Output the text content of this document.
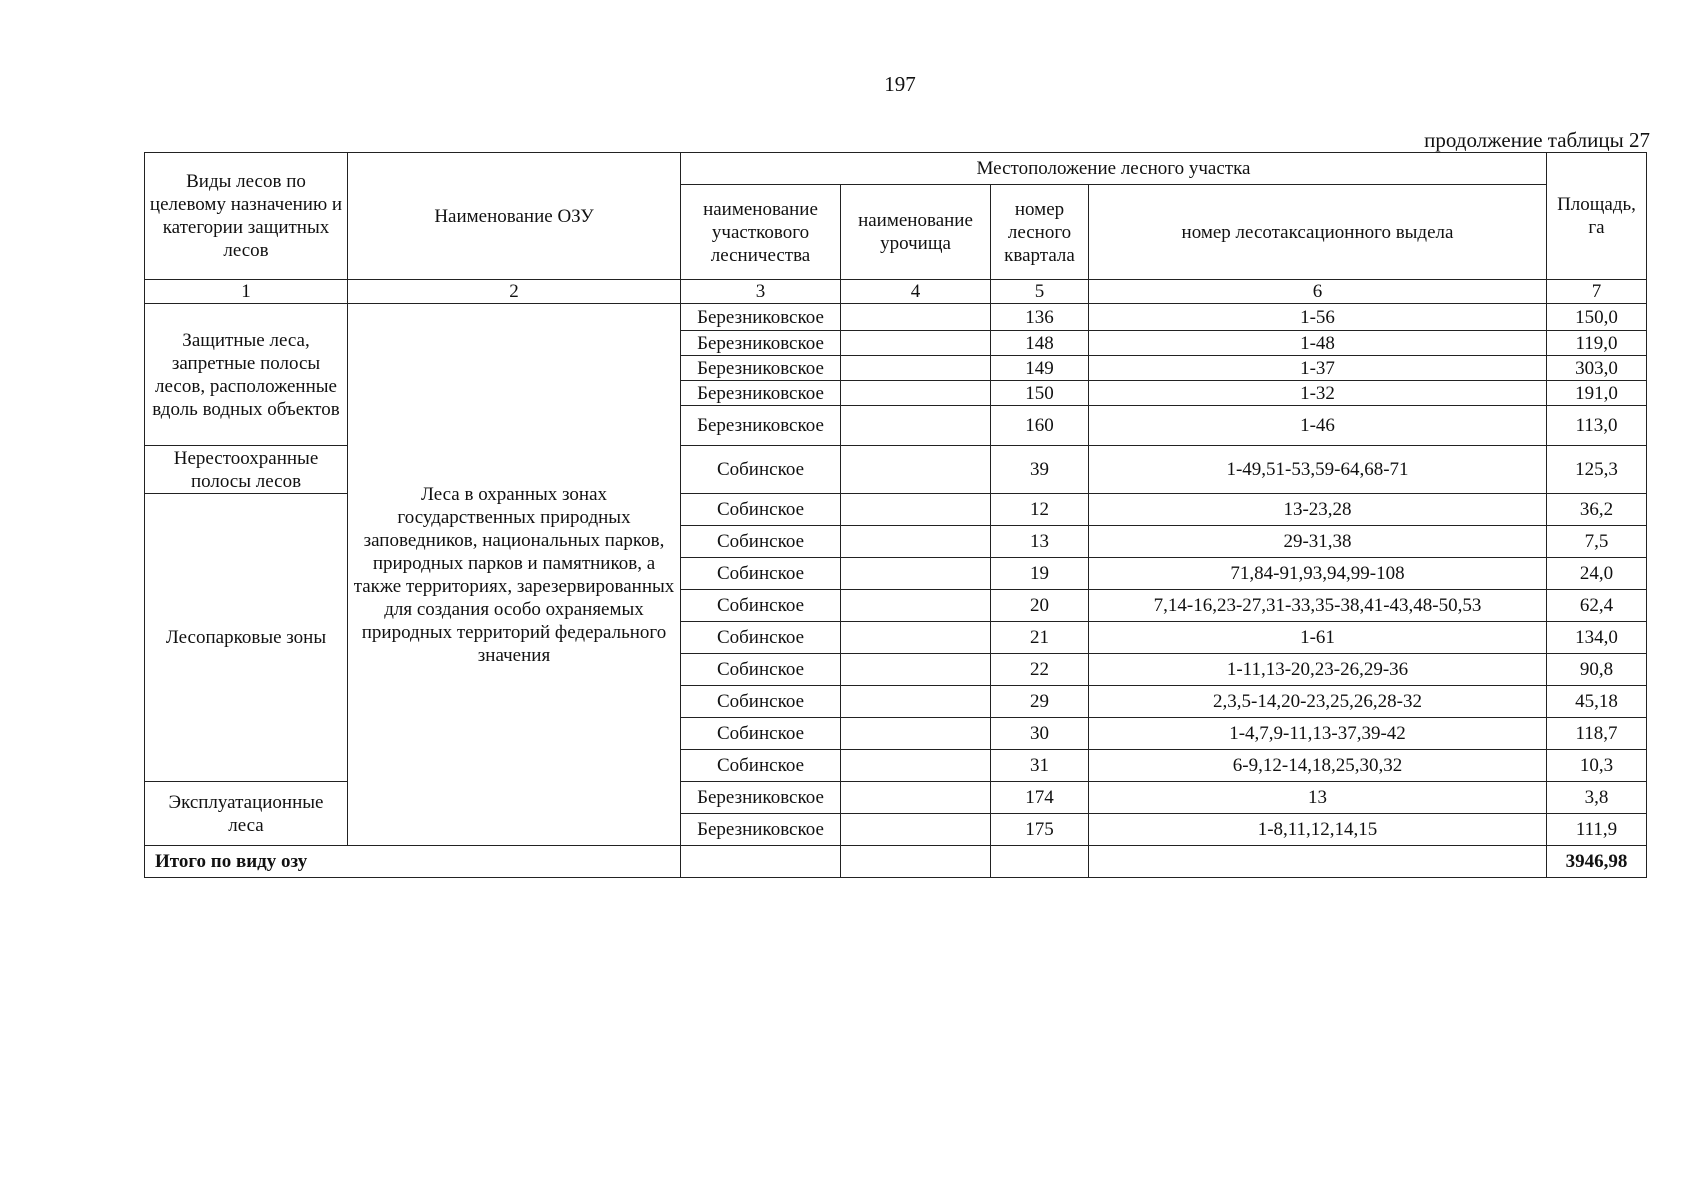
197
продолжение таблицы 27
Виды лесов по целевому назначению и категории защитных лесов	Наименование ОЗУ	Местоположение лесного участка				Площадь, га
		наименование участкового лесничества	наименование урочища	номер лесного квартала	номер лесотаксационного выдела	
1	2	3	4	5	6	7
Защитные леса, запретные полосы лесов, расположенные вдоль водных объектов	Леса в охранных зонах государственных природных заповедников, национальных парков, природных парков и памятников, а также территориях, зарезервированных для создания особо охраняемых природных территорий федерального значения	Березниковское		136	1-56	150,0
		Березниковское		148	1-48	119,0
		Березниковское		149	1-37	303,0
		Березниковское		150	1-32	191,0
		Березниковское		160	1-46	113,0
Нерестоохранные полосы лесов		Собинское		39	1-49,51-53,59-64,68-71	125,3
Лесопарковые зоны		Собинское		12	13-23,28	36,2
		Собинское		13	29-31,38	7,5
		Собинское		19	71,84-91,93,94,99-108	24,0
		Собинское		20	7,14-16,23-27,31-33,35-38,41-43,48-50,53	62,4
		Собинское		21	1-61	134,0
		Собинское		22	1-11,13-20,23-26,29-36	90,8
		Собинское		29	2,3,5-14,20-23,25,26,28-32	45,18
		Собинское		30	1-4,7,9-11,13-37,39-42	118,7
		Собинское		31	6-9,12-14,18,25,30,32	10,3
Эксплуатационные леса		Березниковское		174	13	3,8
		Березниковское		175	1-8,11,12,14,15	111,9
Итого по виду озу						3946,98
